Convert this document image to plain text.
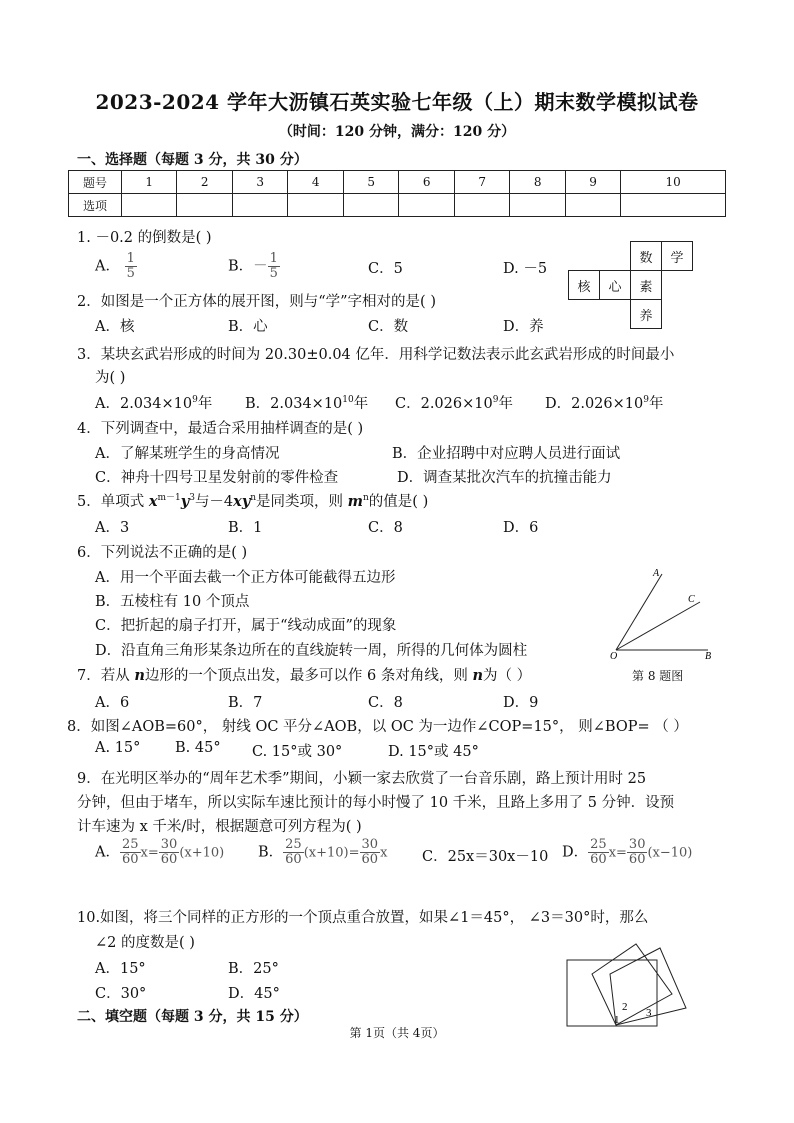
2023-2024 学年大沥镇石英实验七年级（上）期末数学模拟试卷
（时间：120 分钟，满分：120 分）
一、选择题（每题 3 分，共 30 分）
题号	1	2	3	4	5	6	7	8	9	10
选项										
1. －0.2 的倒数是( )
A． $\frac{1}{5}$	B．－ $\frac{1}{5}$	C．5	D. －5
		数	学
核	心	素	
		养	
2．如图是一个正方体的展开图，则与“学”字相对的是( )
A．核	B．心	C．数	D．养
3．某块玄武岩形成的时间为 20.30±0.04 亿年．用科学记数法表示此玄武岩形成的时间最小
为( )
A．$2.034\times 10^9$年 B．$2.034\times 10^{10}$年 C．$2.026\times 10^9$年 D．$2.026\times 10^9$年
4．下列调查中，最适合采用抽样调查的是( )
A．了解某班学生的身高情况	B．企业招聘中对应聘人员进行面试
C．神舟十四号卫星发射前的零件检查	D．调查某批次汽车的抗撞击能力
5．单项式 $x^{m-1}y^3$与$-4xy^n$是同类项，则 $m^n$的值是( )
A．3	B．1	C．8	D．6
6．下列说法不正确的是( )
A．用一个平面去截一个正方体可能截得五边形
B．五棱柱有 10 个顶点
C．把折起的扇子打开，属于“线动成面”的现象
D．沿直角三角形某条边所在的直线旋转一周，所得的几何体为圆柱
A
C
O	B
第 8 题图
7．若从 n边形的一个顶点出发，最多可以作 6 条对角线，则 n为（ ）
A．6	B．7	C．8	D．9
8．如图∠AOB=60°， 射线 OC 平分∠AOB，以 OC 为一边作∠COP=15°， 则∠BOP= （ ）
A. 15° B. 45° C. 15°或 30°	D. 15°或 45°
9．在光明区举办的“周年艺术季”期间，小颖一家去欣赏了一台音乐剧，路上预计用时 25
分钟，但由于堵车，所以实际车速比预计的每小时慢了 10 千米，且路上多用了 5 分钟．设预
计车速为 x 千米/时，根据题意可列方程为( )
A． $\frac{25}{60} x= \frac{30}{60} (x+10)$ B． $\frac{25}{60} (x+10)= \frac{30}{60}$ x C．25x＝30x－10 D． $\frac{25}{60} x= \frac{30}{60} (x-10)$
10.如图，将三个同样的正方形的一个顶点重合放置，如果∠1＝45°， ∠3＝30°时，那么
∠2 的度数是( )
A．15°	B．25°
C．30°	D．45°
1
2 3
二、填空题（每题 3 分，共 15 分）
第 1页（共 4页）
